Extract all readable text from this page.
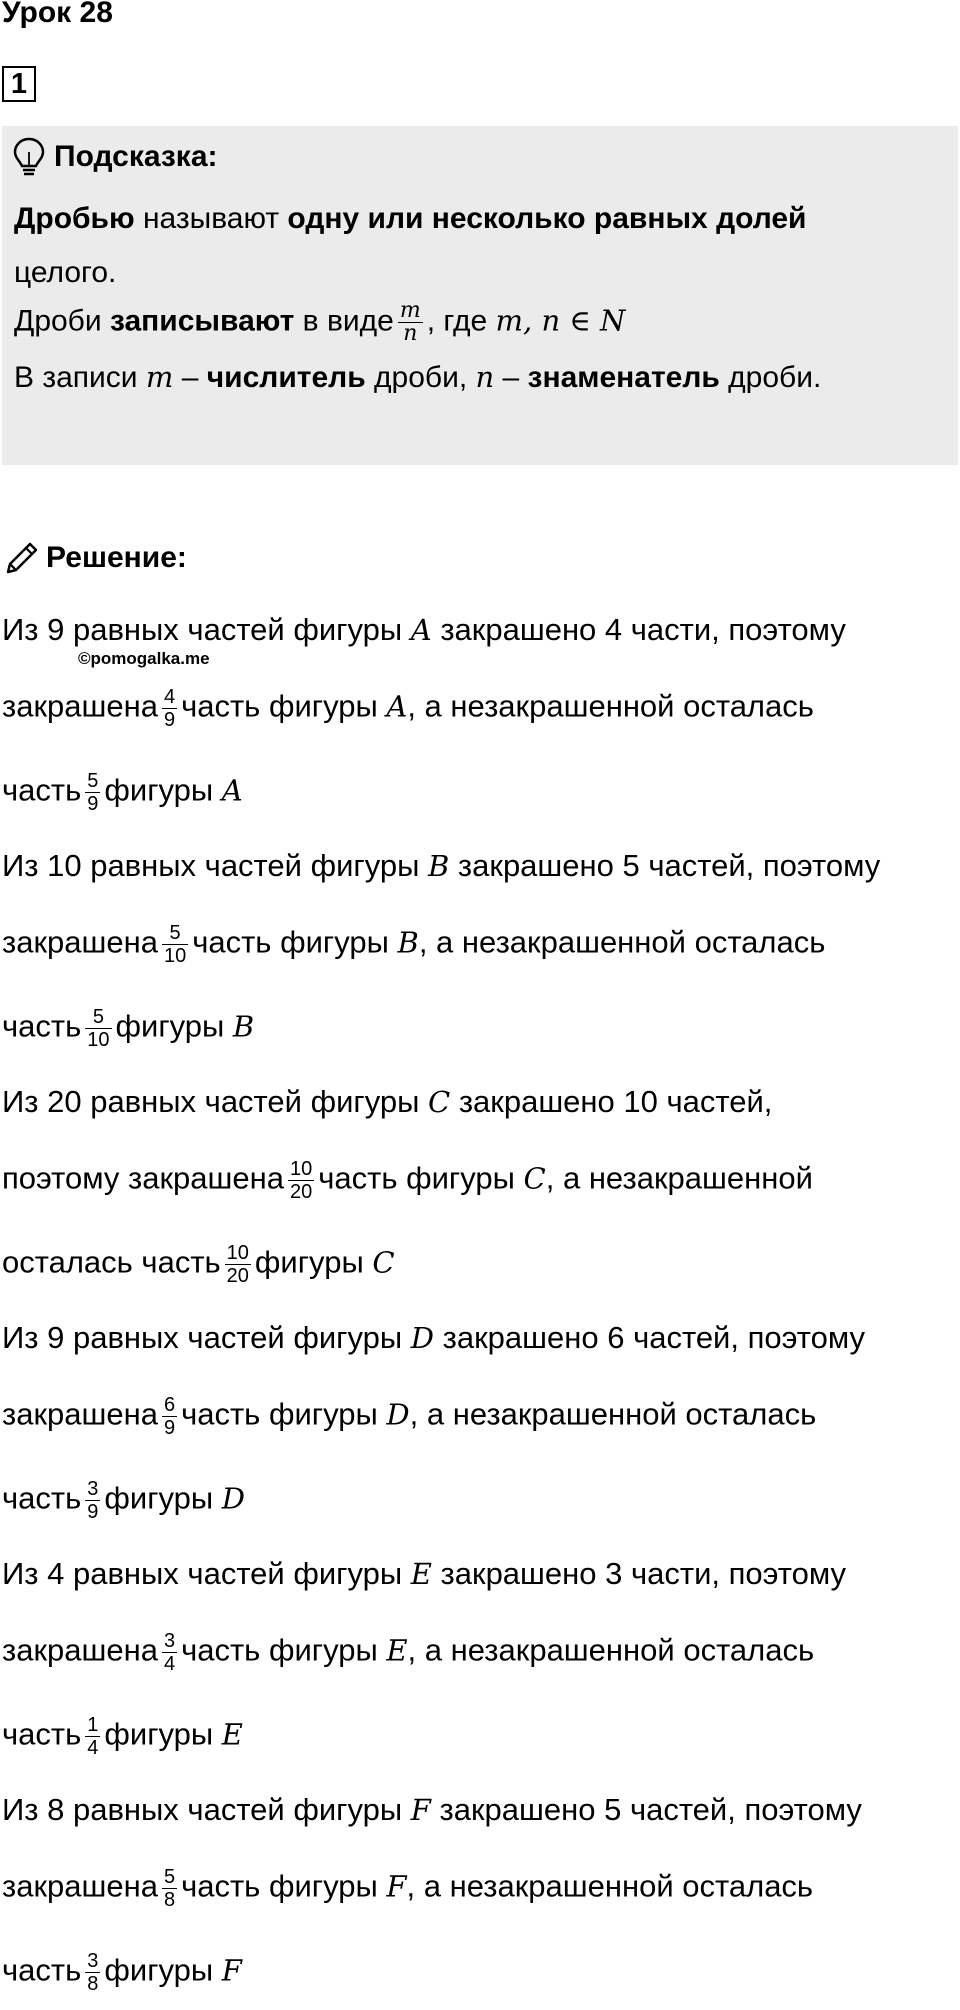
Урок 28
1
Подсказка:
Дробью называют одну или несколько равных долей
целого.
Дроби записывают в виде $\frac{m}{n}$ , где m, n ∈ N
В записи m – числитель дроби, n – знаменатель дроби.
Решение:
©pomogalka.me
Из 9 равных частей фигуры A закрашено 4 части, поэтому
закрашена $\frac{4}{9}$ часть фигуры A, а незакрашенной осталась
часть $\frac{5}{9}$ фигуры A
Из 10 равных частей фигуры B закрашено 5 частей, поэтому
закрашена $\frac{5}{10}$ часть фигуры B, а незакрашенной осталась
часть $\frac{5}{10}$ фигуры B
Из 20 равных частей фигуры C закрашено 10 частей,
поэтому закрашена $\frac{10}{20}$ часть фигуры C, а незакрашенной
осталась часть $\frac{10}{20}$ фигуры C
Из 9 равных частей фигуры D закрашено 6 частей, поэтому
закрашена $\frac{6}{9}$ часть фигуры D, а незакрашенной осталась
часть $\frac{3}{9}$ фигуры D
Из 4 равных частей фигуры E закрашено 3 части, поэтому
закрашена $\frac{3}{4}$ часть фигуры E, а незакрашенной осталась
часть $\frac{1}{4}$ фигуры E
Из 8 равных частей фигуры F закрашено 5 частей, поэтому
закрашена $\frac{5}{8}$ часть фигуры F, а незакрашенной осталась
часть $\frac{3}{8}$ фигуры F
